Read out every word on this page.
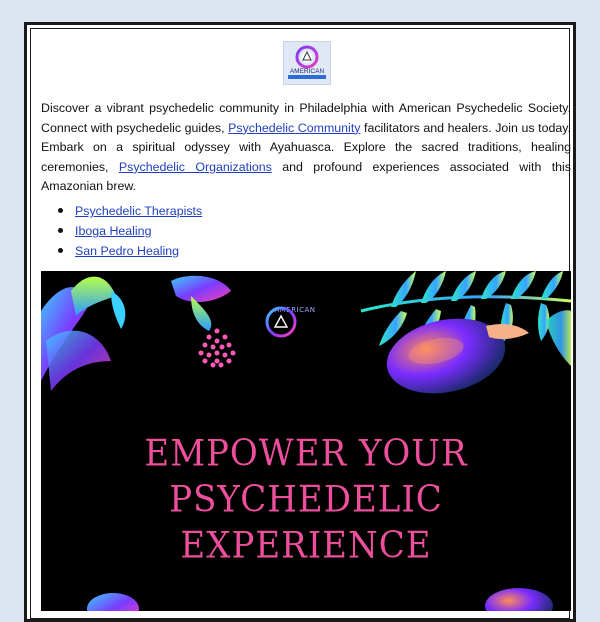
AMERICAN

Discover a vibrant psychedelic community in Philadelphia with American Psychedelic Society. Connect with psychedelic guides, Psychedelic Community facilitators and healers. Join us today. Embark on a spiritual odyssey with Ayahuasca. Explore the sacred traditions, healing ceremonies, Psychedelic Organizations and profound experiences associated with this Amazonian brew.

Psychedelic Therapists
Iboga Healing
San Pedro Healing
AMERICAN
EMPOWER YOUR
PSYCHEDELIC
EXPERIENCE
